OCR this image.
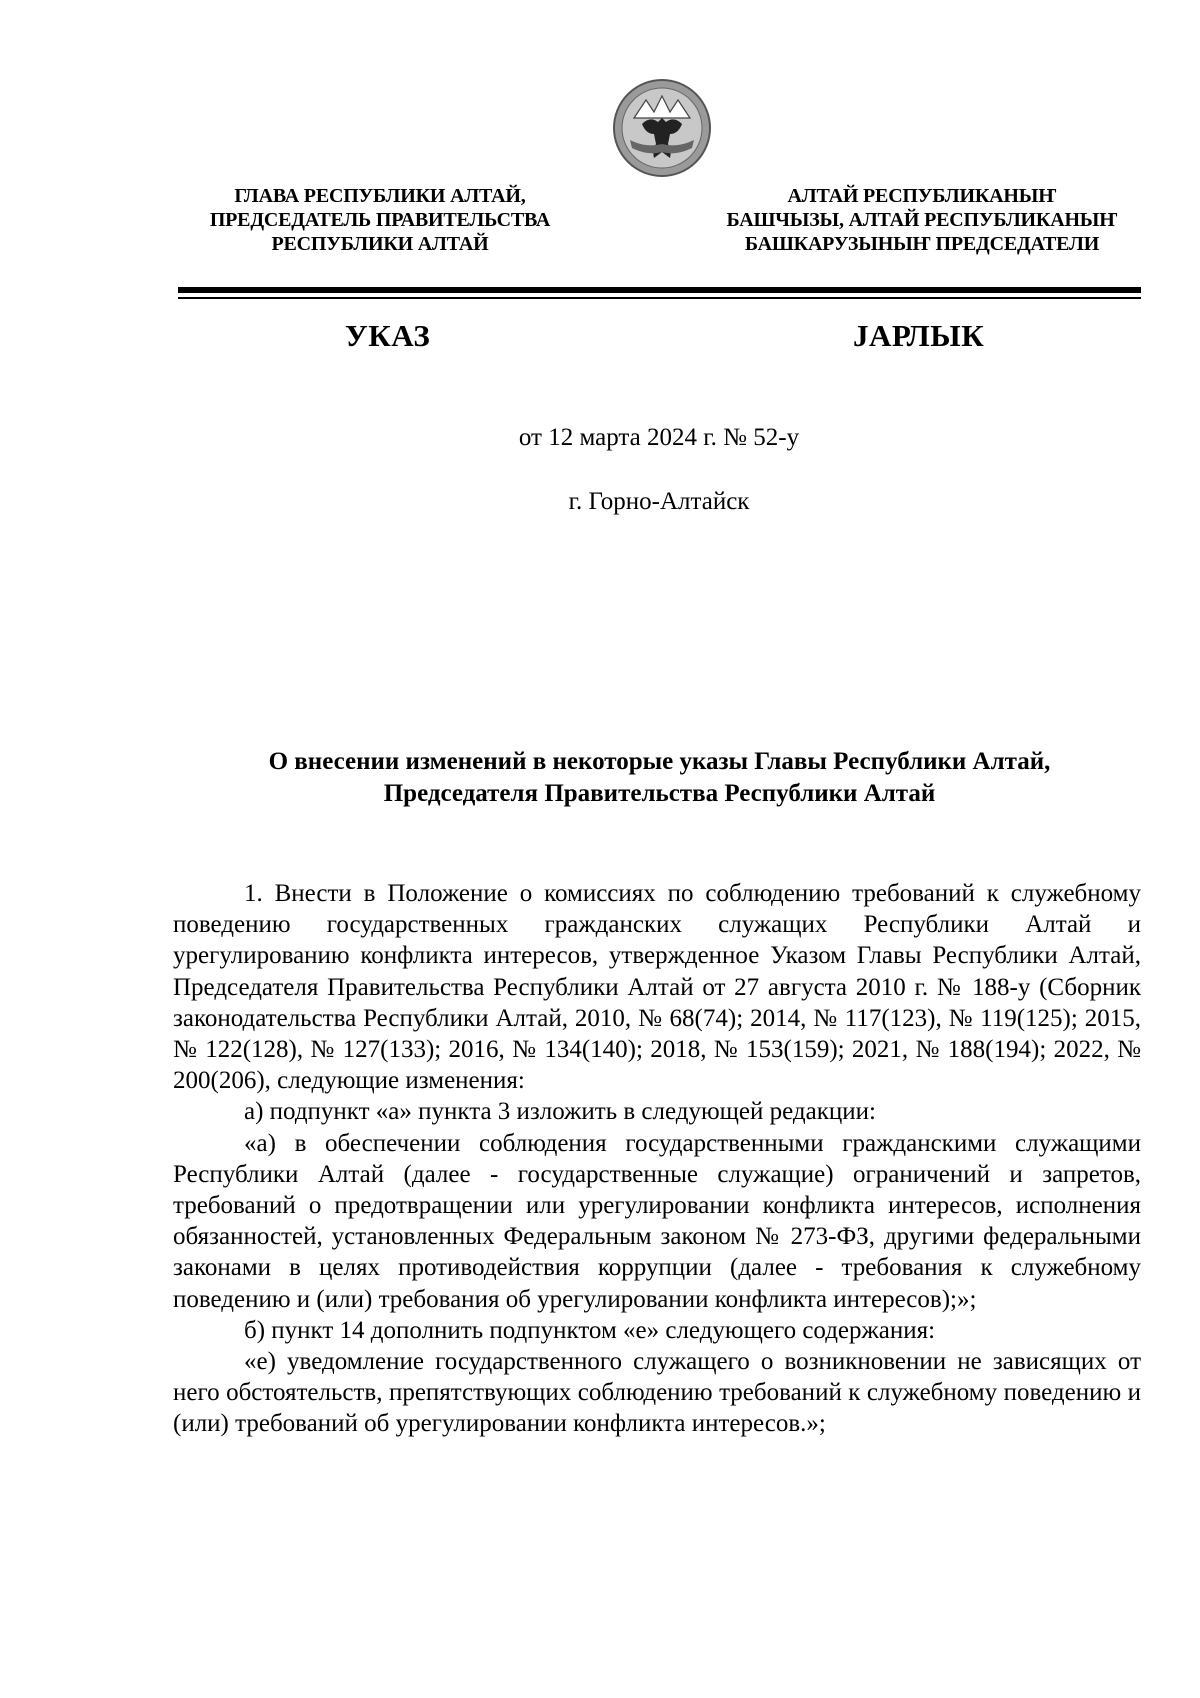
ГЛАВА РЕСПУБЛИКИ АЛТАЙ,
ПРЕДСЕДАТЕЛЬ ПРАВИТЕЛЬСТВА
РЕСПУБЛИКИ АЛТАЙ
АЛТАЙ РЕСПУБЛИКАНЫҤ
БАШЧЫЗЫ, АЛТАЙ РЕСПУБЛИКАНЫҤ
БАШКАРУЗЫНЫҤ ПРЕДСЕДАТЕЛИ
УКАЗ	JАРЛЫК
от 12 марта 2024 г. № 52-у
г. Горно-Алтайск
О внесении изменений в некоторые указы Главы Республики Алтай,
Председателя Правительства Республики Алтай

1. Внести в Положение о комиссиях по соблюдению требований к служебному поведению государственных гражданских служащих Республики Алтай и урегулированию конфликта интересов, утвержденное Указом Главы Республики Алтай, Председателя Правительства Республики Алтай от 27 августа 2010 г. № 188-у (Сборник законодательства Республики Алтай, 2010, № 68(74); 2014, № 117(123), № 119(125); 2015, № 122(128), № 127(133); 2016, № 134(140); 2018, № 153(159); 2021, № 188(194); 2022, № 200(206), следующие изменения:

а) подпункт «а» пункта 3 изложить в следующей редакции:

«а) в обеспечении соблюдения государственными гражданскими служащими Республики Алтай (далее - государственные служащие) ограничений и запретов, требований о предотвращении или урегулировании конфликта интересов, исполнения обязанностей, установленных Федеральным законом № 273-ФЗ, другими федеральными законами в целях противодействия коррупции (далее - требования к служебному поведению и (или) требования об урегулировании конфликта интересов);»;

б) пункт 14 дополнить подпунктом «е» следующего содержания:

«е) уведомление государственного служащего о возникновении не зависящих от него обстоятельств, препятствующих соблюдению требований к служебному поведению и (или) требований об урегулировании конфликта интересов.»;
